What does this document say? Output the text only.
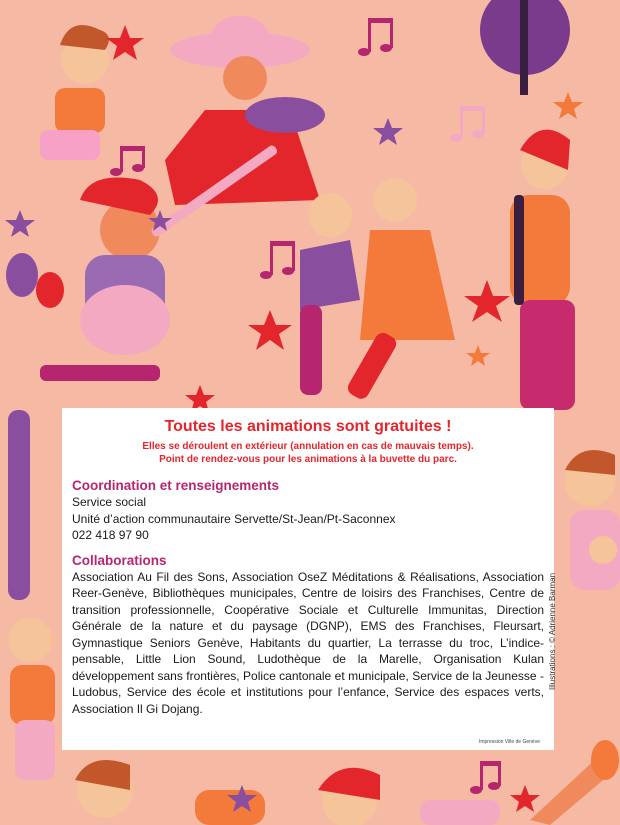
Toutes les animations sont gratuites !
Elles se déroulent en extérieur (annulation en cas de mauvais temps).
Point de rendez-vous pour les animations à la buvette du parc.
Coordination et renseignements
Service social
Unité d’action communautaire Servette/St-Jean/Pt-Saconnex
022 418 97 90
Collaborations
Association Au Fil des Sons, Association OseZ Méditations & Réalisations, Association Reer-Genève, Bibliothèques municipales, Centre de loisirs des Franchises, Centre de transition professionnelle, Coopérative Sociale et Culturelle Immunitas, Direction Générale de la nature et du paysage (DGNP), EMS des Franchises, Fleursart, Gymnastique Seniors Genève, Habitants du quartier, La terrasse du troc, L’indice-pensable, Little Lion Sound, Ludothèque de la Marelle, Organisation Kulan développement sans frontières, Police cantonale et municipale, Service de la Jeunesse - Ludobus, Service des école et institutions pour l’enfance, Service des espaces verts, Association Il Gi Dojang.
Impression Ville de Genève
Illustrations : © Adrienne Barman
